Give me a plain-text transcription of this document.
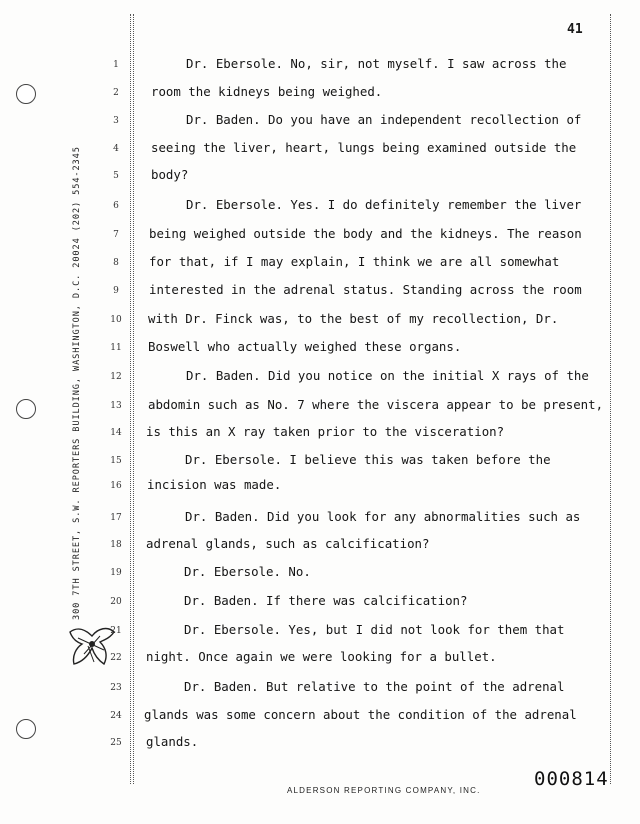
300 7TH STREET, S.W. REPORTERS BUILDING, WASHINGTON, D.C. 20024 (202) 554-2345
41
1	Dr. Ebersole. No, sir, not myself. I saw across the
2	room the kidneys being weighed.
3	Dr. Baden. Do you have an independent recollection of
4	seeing the liver, heart, lungs being examined outside the
5	body?
6	Dr. Ebersole. Yes. I do definitely remember the liver
7	being weighed outside the body and the kidneys. The reason
8	for that, if I may explain, I think we are all somewhat
9	interested in the adrenal status. Standing across the room
10 with Dr. Finck was, to the best of my recollection, Dr.
11 Boswell who actually weighed these organs.
12	Dr. Baden. Did you notice on the initial X rays of the
13 abdomin such as No. 7 where the viscera appear to be present,
14 is this an X ray taken prior to the visceration?
15	Dr. Ebersole. I believe this was taken before the
16 incision was made.
17	Dr. Baden. Did you look for any abnormalities such as
18 adrenal glands, such as calcification?
19	Dr. Ebersole. No.
20	Dr. Baden. If there was calcification?
21	Dr. Ebersole. Yes, but I did not look for them that
22 night. Once again we were looking for a bullet.
23	Dr. Baden. But relative to the point of the adrenal
24 glands was some concern about the condition of the adrenal
25 glands.
ALDERSON REPORTING COMPANY, INC.
000814
